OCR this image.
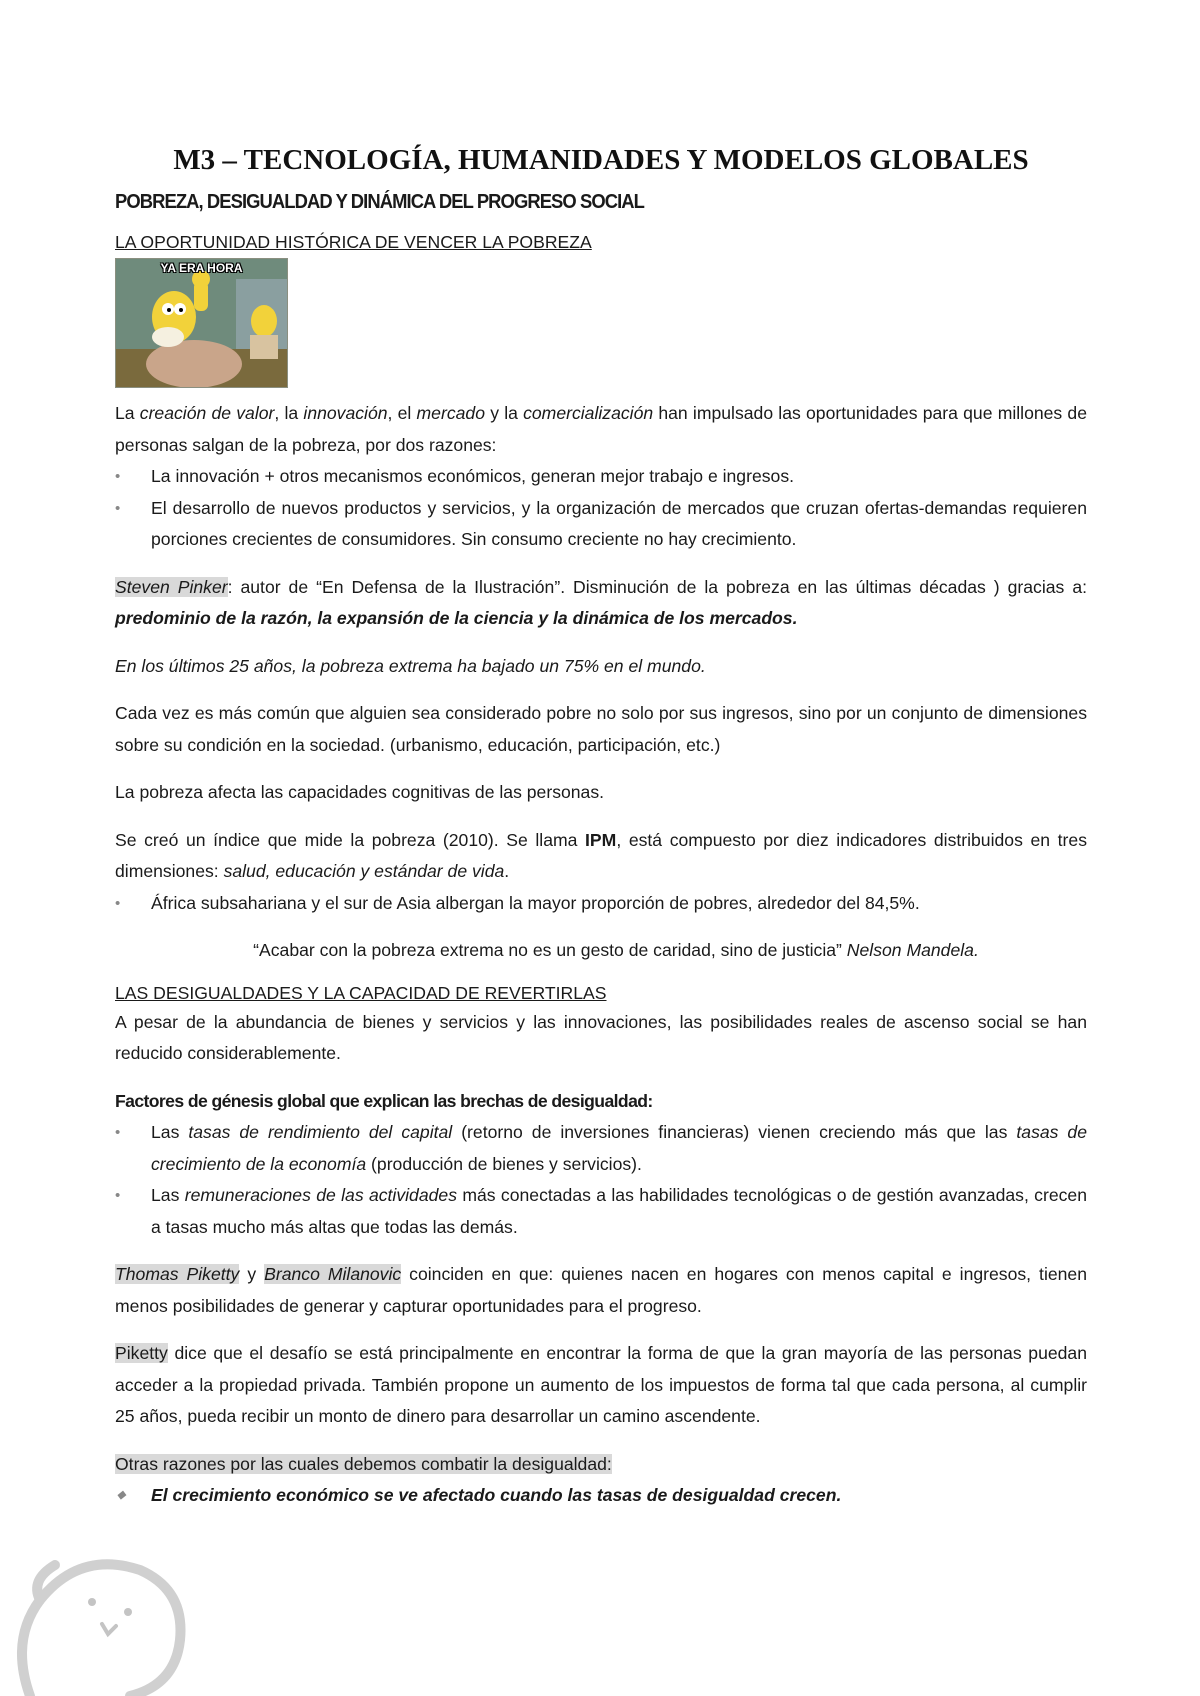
M3 – TECNOLOGÍA, HUMANIDADES Y MODELOS GLOBALES
POBREZA, DESIGUALDAD Y DINÁMICA DEL PROGRESO SOCIAL

LA OPORTUNIDAD HISTÓRICA DE VENCER LA POBREZA

YA ERA HORA

La creación de valor, la innovación, el mercado y la comercialización han impulsado las oportunidades para que millones de personas salgan de la pobreza, por dos razones:

• La innovación + otros mecanismos económicos, generan mejor trabajo e ingresos.
• El desarrollo de nuevos productos y servicios, y la organización de mercados que cruzan ofertas-demandas requieren porciones crecientes de consumidores. Sin consumo creciente no hay crecimiento.

Steven Pinker: autor de “En Defensa de la Ilustración”. Disminución de la pobreza en las últimas décadas ) gracias a: predominio de la razón, la expansión de la ciencia y la dinámica de los mercados.

En los últimos 25 años, la pobreza extrema ha bajado un 75% en el mundo.

Cada vez es más común que alguien sea considerado pobre no solo por sus ingresos, sino por un conjunto de dimensiones sobre su condición en la sociedad. (urbanismo, educación, participación, etc.)

La pobreza afecta las capacidades cognitivas de las personas.

Se creó un índice que mide la pobreza (2010). Se llama IPM, está compuesto por diez indicadores distribuidos en tres dimensiones: salud, educación y estándar de vida.

• África subsahariana y el sur de Asia albergan la mayor proporción de pobres, alrededor del 84,5%.

“Acabar con la pobreza extrema no es un gesto de caridad, sino de justicia” Nelson Mandela.

LAS DESIGUALDADES Y LA CAPACIDAD DE REVERTIRLAS

A pesar de la abundancia de bienes y servicios y las innovaciones, las posibilidades reales de ascenso social se han reducido considerablemente.

Factores de génesis global que explican las brechas de desigualdad:

• Las tasas de rendimiento del capital (retorno de inversiones financieras) vienen creciendo más que las tasas de crecimiento de la economía (producción de bienes y servicios).
• Las remuneraciones de las actividades más conectadas a las habilidades tecnológicas o de gestión avanzadas, crecen a tasas mucho más altas que todas las demás.

Thomas Piketty y Branco Milanovic coinciden en que: quienes nacen en hogares con menos capital e ingresos, tienen menos posibilidades de generar y capturar oportunidades para el progreso.

Piketty dice que el desafío se está principalmente en encontrar la forma de que la gran mayoría de las personas puedan acceder a la propiedad privada. También propone un aumento de los impuestos de forma tal que cada persona, al cumplir 25 años, pueda recibir un monto de dinero para desarrollar un camino ascendente.

Otras razones por las cuales debemos combatir la desigualdad:

◆ El crecimiento económico se ve afectado cuando las tasas de desigualdad crecen.
